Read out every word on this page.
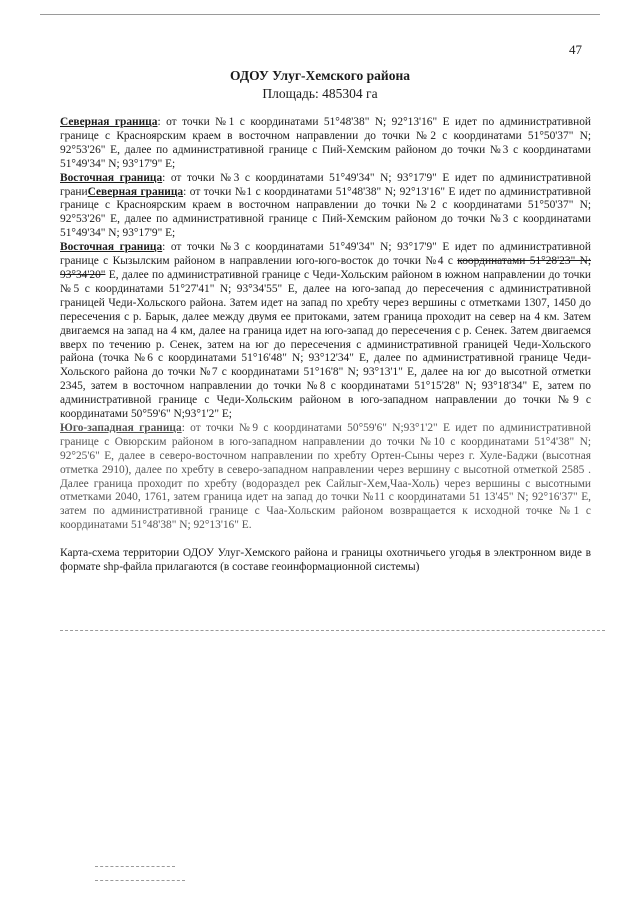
47
ОДОУ Улуг-Хемского района
Площадь: 485304 га

Северная граница: от точки №1 с координатами 51°48'38" N; 92°13'16" E идет по административной границе с Красноярским краем в восточном направлении до точки №2 с координатами 51°50'37" N; 92°53'26" E, далее по административной границе с Пий-Хемским районом до точки №3 с координатами 51°49'34" N; 93°17'9" E;

Восточная граница: от точки №3 с координатами 51°49'34" N; 93°17'9" E идет по административной граниСеверная граница: от точки №1 с координатами 51°48'38" N; 92°13'16" E идет по административной границе с Красноярским краем в восточном направлении до точки №2 с координатами 51°50'37" N; 92°53'26" E, далее по административной границе с Пий-Хемским районом до точки №3 с координатами 51°49'34" N; 93°17'9" E;

Восточная граница: от точки №3 с координатами 51°49'34" N; 93°17'9" E идет по административной границе с Кызылским районом в направлении юго-юго-восток до точки №4 с координатами 51°28'23" N; 93°34'20" E, далее по административной границе с Чеди-Хольским районом в южном направлении до точки №5 с координатами 51°27'41" N; 93°34'55" E, далее на юго-запад до пересечения с административной границей Чеди-Хольского района. Затем идет на запад по хребту через вершины с отметками 1307, 1450 до пересечения с р. Барык, далее между двумя ее притоками, затем граница проходит на север на 4 км. Затем двигаемся на запад на 4 км, далее на граница идет на юго-запад до пересечения с р. Сенек. Затем двигаемся вверх по течению р. Сенек, затем на юг до пересечения с административной границей Чеди-Хольского района (точка №6 с координатами 51°16'48" N; 93°12'34" E, далее по административной границе Чеди-Хольского района до точки №7 с координатами 51°16'8" N; 93°13'1" E, далее на юг до высотной отметки 2345, затем в восточном направлении до точки №8 с координатами 51°15'28" N; 93°18'34" E, затем по административной границе с Чеди-Хольским районом в юго-западном направлении до точки №9 с координатами 50°59'6" N;93°1'2" E;

Юго-западная граница: от точки №9 с координатами 50°59'6" N;93°1'2" E идет по административной границе с Овюрским районом в юго-западном направлении до точки №10 с координатами 51°4'38" N; 92°25'6" E, далее в северо-восточном направлении по хребту Ортен-Сыны через г. Хуле-Баджи (высотная отметка 2910), далее по хребту в северо-западном направлении через вершину с высотной отметкой 2585 . Далее граница проходит по хребту (водораздел рек Сайлыг-Хем,Чаа-Холь) через вершины с высотными отметками 2040, 1761, затем граница идет на запад до точки №11 с координатами 51 13'45" N; 92°16'37" E, затем по административной границе с Чаа-Хольским районом возвращается к исходной точке №1 с координатами 51°48'38" N; 92°13'16" E.

Карта-схема территории ОДОУ Улуг-Хемского района и границы охотничьего угодья в электронном виде в формате shp-файла прилагаются (в составе геоинформационной системы)
